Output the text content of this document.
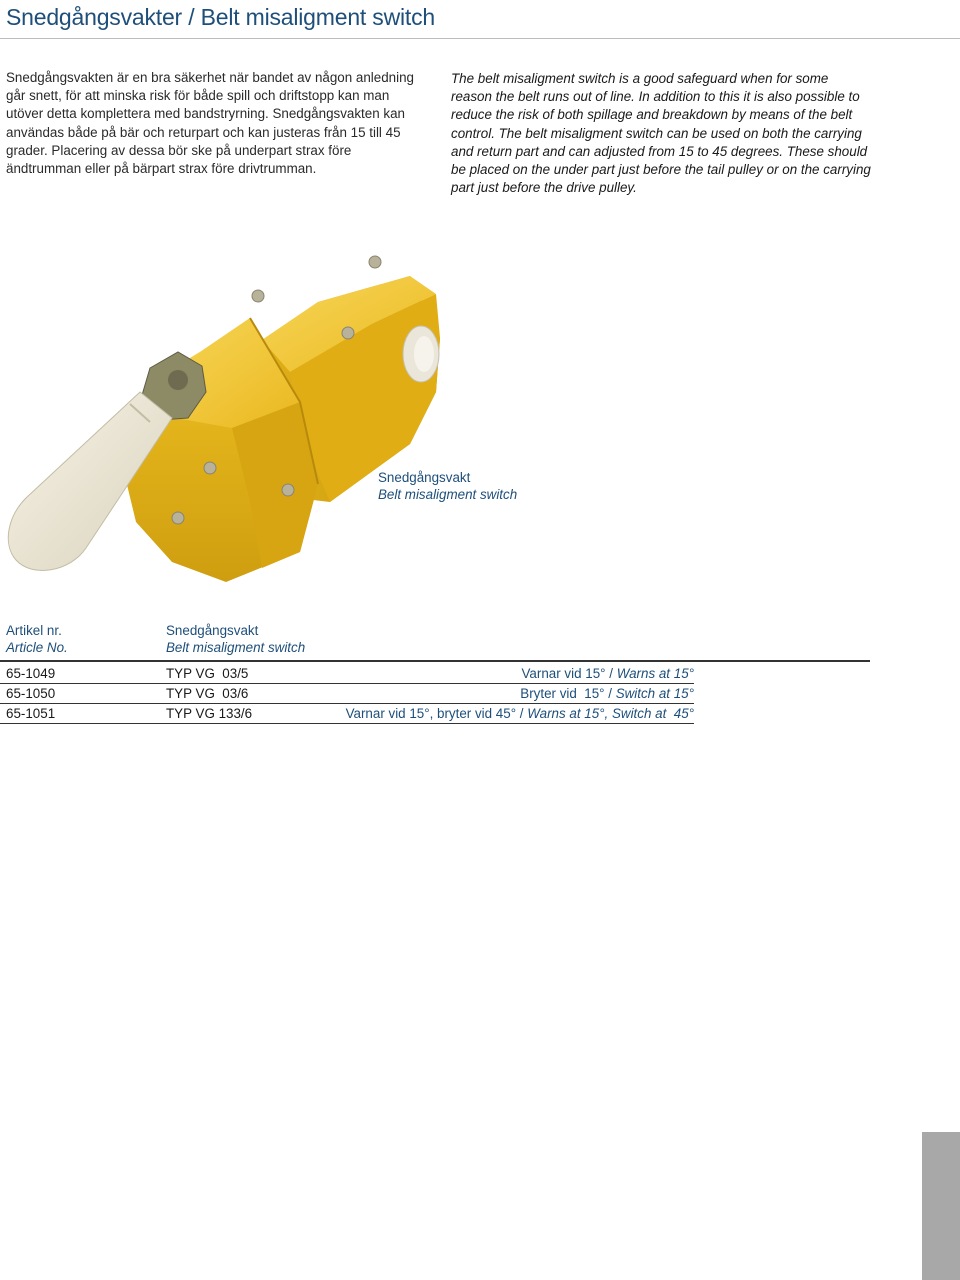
Snedgångsvakter / Belt misaligment switch

Snedgångsvakten är en bra säkerhet när bandet av någon anledning går snett, för att minska risk för både spill och driftstopp kan man utöver detta komplettera med bandstryrning. Snedgångsvakten kan användas både på bär och returpart och kan justeras från 15 till 45 grader. Placering av dessa bör ske på underpart strax före ändtrumman eller på bärpart strax före drivtrumman.

The belt misaligment switch is a good safeguard when for some reason the belt runs out of line. In addition to this it is also possible to reduce the risk of both spillage and breakdown by means of the belt control. The belt misaligment switch can be used on both the carrying and return part and can adjusted from 15 to 45 degrees. These should be placed on the under part just before the tail pulley or on the carrying part just before the drive pulley.

Snedgångsvakt
Belt misaligment switch
Artikel nr.
Article No.
Snedgångsvakt
Belt misaligment switch
65-1049	TYP VG  03/5	Varnar vid 15° / Warns at 15°
65-1050	TYP VG  03/6	Bryter vid  15° / Switch at 15°
65-1051	TYP VG 133/6	Varnar vid 15°, bryter vid 45° / Warns at 15°, Switch at  45°
